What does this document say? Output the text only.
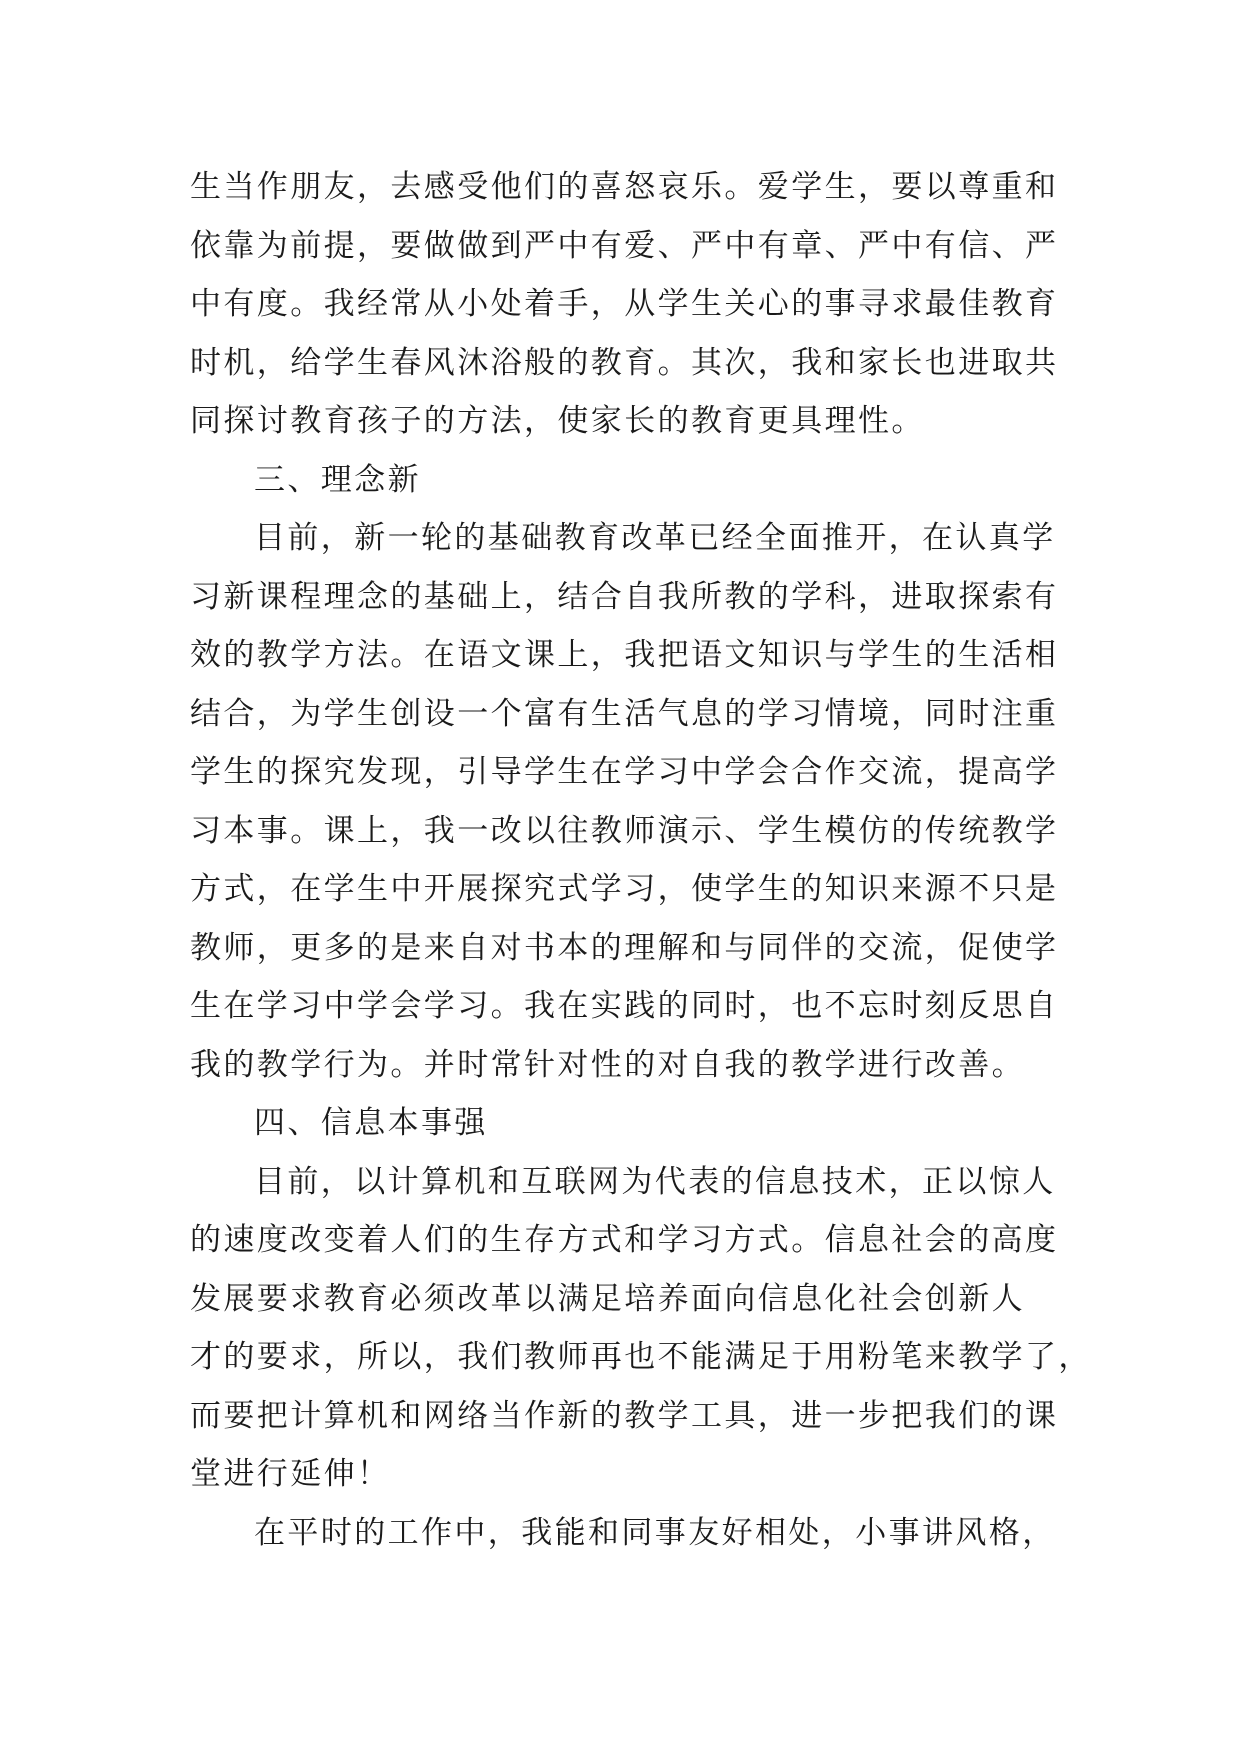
生当作朋友，去感受他们的喜怒哀乐。爱学生，要以尊重和
依靠为前提，要做做到严中有爱、严中有章、严中有信、严
中有度。我经常从小处着手，从学生关心的事寻求最佳教育
时机，给学生春风沐浴般的教育。其次，我和家长也进取共
同探讨教育孩子的方法，使家长的教育更具理性。
三、理念新
目前，新一轮的基础教育改革已经全面推开，在认真学
习新课程理念的基础上，结合自我所教的学科，进取探索有
效的教学方法。在语文课上，我把语文知识与学生的生活相
结合，为学生创设一个富有生活气息的学习情境，同时注重
学生的探究发现，引导学生在学习中学会合作交流，提高学
习本事。课上，我一改以往教师演示、学生模仿的传统教学
方式，在学生中开展探究式学习，使学生的知识来源不只是
教师，更多的是来自对书本的理解和与同伴的交流，促使学
生在学习中学会学习。我在实践的同时，也不忘时刻反思自
我的教学行为。并时常针对性的对自我的教学进行改善。
四、信息本事强
目前，以计算机和互联网为代表的信息技术，正以惊人
的速度改变着人们的生存方式和学习方式。信息社会的高度
发展要求教育必须改革以满足培养面向信息化社会创新人
才的要求，所以，我们教师再也不能满足于用粉笔来教学了，
而要把计算机和网络当作新的教学工具，进一步把我们的课
堂进行延伸！
在平时的工作中，我能和同事友好相处，小事讲风格，
